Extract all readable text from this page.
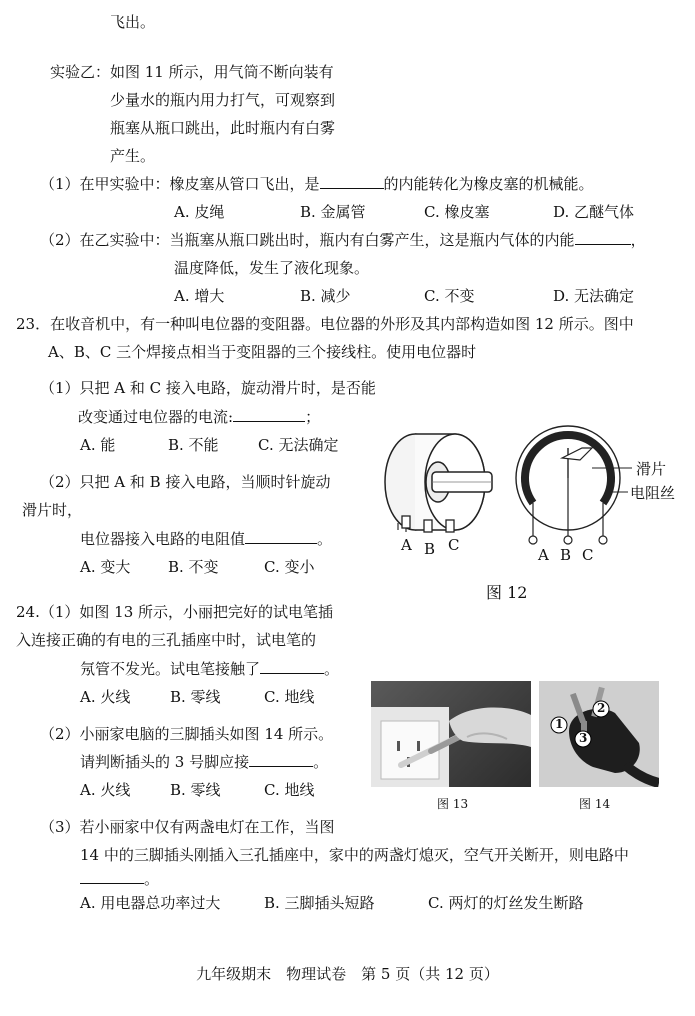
飞出。
实验乙： 如图 11 所示，用气筒不断向装有
少量水的瓶内用力打气，可观察到
瓶塞从瓶口跳出，此时瓶内有白雾
产生。
（1）在甲实验中：橡皮塞从管口飞出，是	的内能转化为橡皮塞的机械能。
A. 皮绳	B. 金属管	C. 橡皮塞	D. 乙醚气体
（2）在乙实验中：当瓶塞从瓶口跳出时，瓶内有白雾产生，这是瓶内气体的内能	，
温度降低，发生了液化现象。
A. 增大	B. 减少	C. 不变	D. 无法确定
23．在收音机中，有一种叫电位器的变阻器。电位器的外形及其内部构造如图 12 所示。图中
A、B、C 三个焊接点相当于变阻器的三个接线柱。使用电位器时
（1）只把 A 和 C 接入电路，旋动滑片时，是否能
改变通过电位器的电流:	；
A. 能	B. 不能	C. 无法确定
（2）只把 A 和 B 接入电路，当顺时针旋动
滑片时，
电位器接入电路的电阻值	。
A. 变大	B. 不变	C. 变小
A B C
A B C
滑片
电阻丝
图 12
24.（1）如图 13 所示，小丽把完好的试电笔插
入连接正确的有电的三孔插座中时，试电笔的
氖管不发光。试电笔接触了	。
A. 火线	B. 零线	C. 地线
（2）小丽家电脑的三脚插头如图 14 所示。
请判断插头的 3 号脚应接	。
A. 火线	B. 零线	C. 地线
图 13
1
2
3
图 14
（3）若小丽家中仅有两盏电灯在工作，当图
14 中的三脚插头刚插入三孔插座中，家中的两盏灯熄灭，空气开关断开，则电路中
。
A. 用电器总功率过大	B. 三脚插头短路	C. 两灯的灯丝发生断路
九年级期末　物理试卷　第 5 页（共 12 页）
